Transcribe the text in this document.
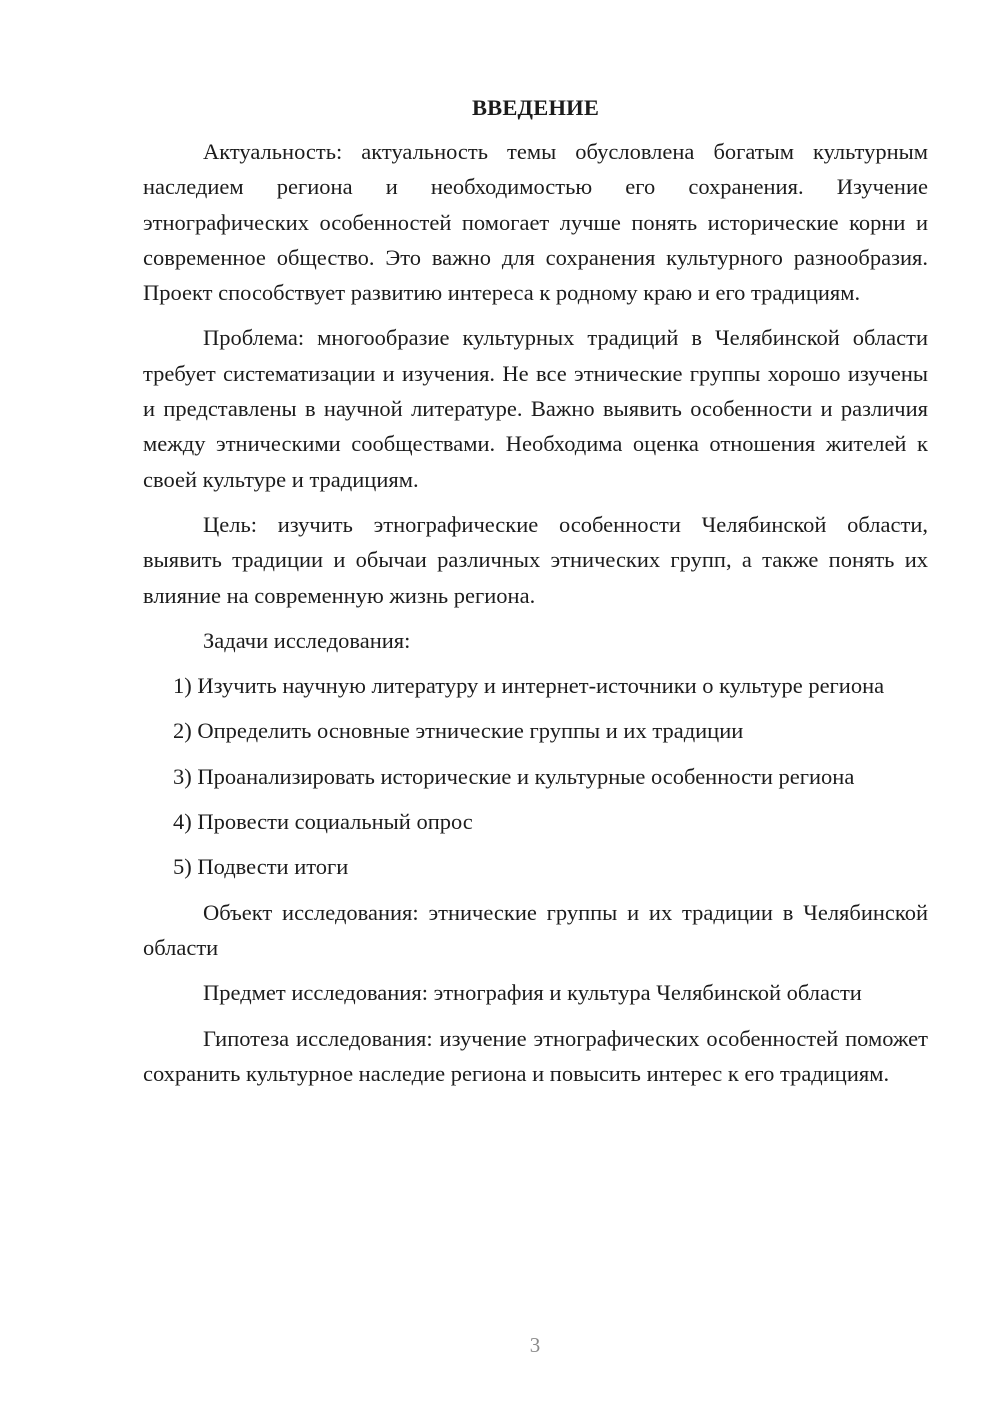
ВВЕДЕНИЕ

Актуальность: актуальность темы обусловлена богатым культурным наследием региона и необходимостью его сохранения. Изучение этнографических особенностей помогает лучше понять исторические корни и современное общество. Это важно для сохранения культурного разнообразия. Проект способствует развитию интереса к родному краю и его традициям.

Проблема: многообразие культурных традиций в Челябинской области требует систематизации и изучения. Не все этнические группы хорошо изучены и представлены в научной литературе. Важно выявить особенности и различия между этническими сообществами. Необходима оценка отношения жителей к своей культуре и традициям.

Цель: изучить этнографические особенности Челябинской области, выявить традиции и обычаи различных этнических групп, а также понять их влияние на современную жизнь региона.

Задачи исследования:

1) Изучить научную литературу и интернет-источники о культуре региона

2) Определить основные этнические группы и их традиции

3) Проанализировать исторические и культурные особенности региона

4) Провести социальный опрос

5) Подвести итоги

Объект исследования: этнические группы и их традиции в Челябинской области

Предмет исследования: этнография и культура Челябинской области

Гипотеза исследования: изучение этнографических особенностей поможет сохранить культурное наследие региона и повысить интерес к его традициям.

3
